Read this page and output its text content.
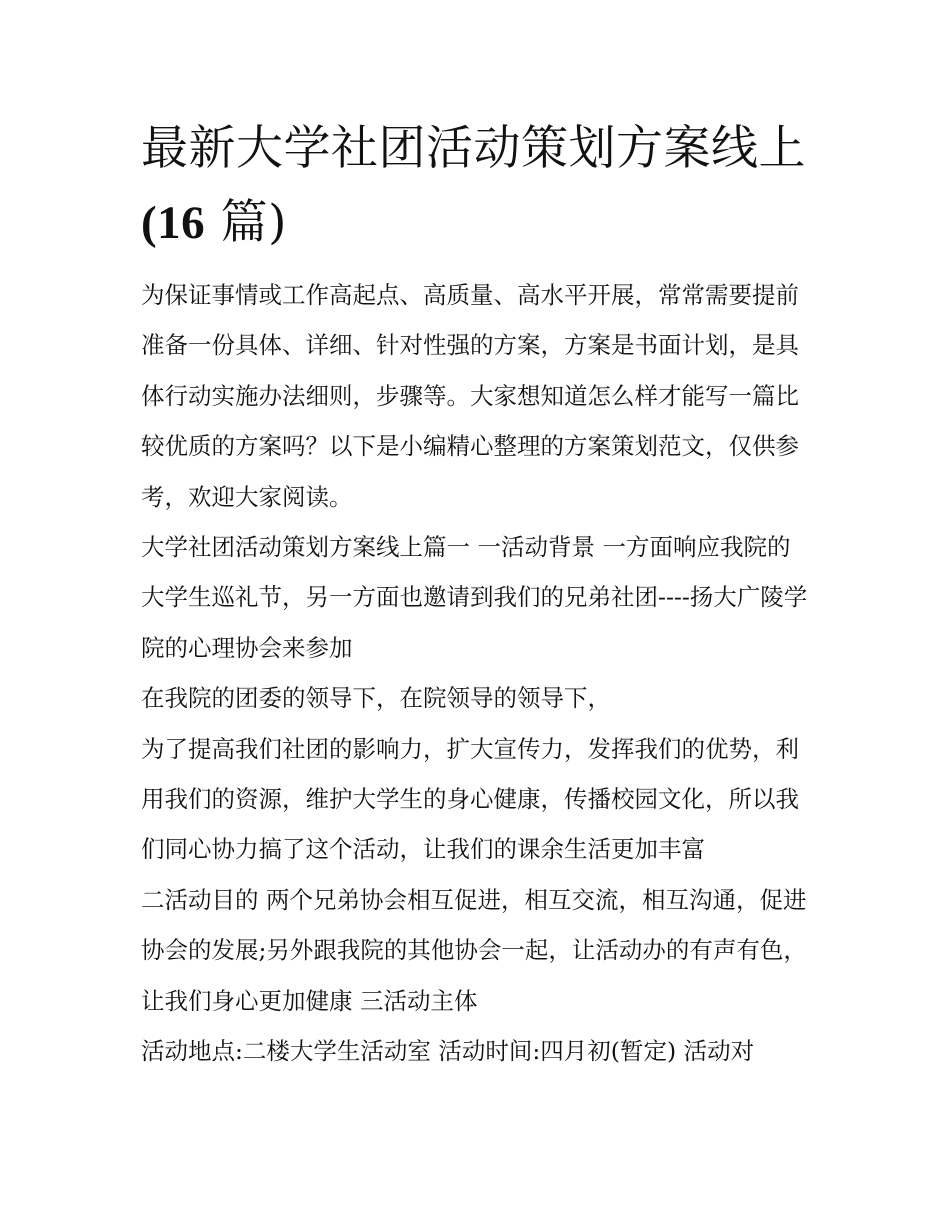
最新大学社团活动策划方案线上(16 篇)

为保证事情或工作高起点、高质量、高水平开展，常常需要提前准备一份具体、详细、针对性强的方案，方案是书面计划，是具体行动实施办法细则，步骤等。大家想知道怎么样才能写一篇比较优质的方案吗？以下是小编精心整理的方案策划范文，仅供参考，欢迎大家阅读。

大学社团活动策划方案线上篇一 一活动背景 一方面响应我院的大学生巡礼节，另一方面也邀请到我们的兄弟社团----扬大广陵学院的心理协会来参加

在我院的团委的领导下，在院领导的领导下，

为了提高我们社团的影响力，扩大宣传力，发挥我们的优势，利用我们的资源，维护大学生的身心健康，传播校园文化，所以我们同心协力搞了这个活动，让我们的课余生活更加丰富

二活动目的 两个兄弟协会相互促进，相互交流，相互沟通，促进协会的发展;另外跟我院的其他协会一起，让活动办的有声有色，让我们身心更加健康 三活动主体

活动地点:二楼大学生活动室 活动时间:四月初(暂定) 活动对
